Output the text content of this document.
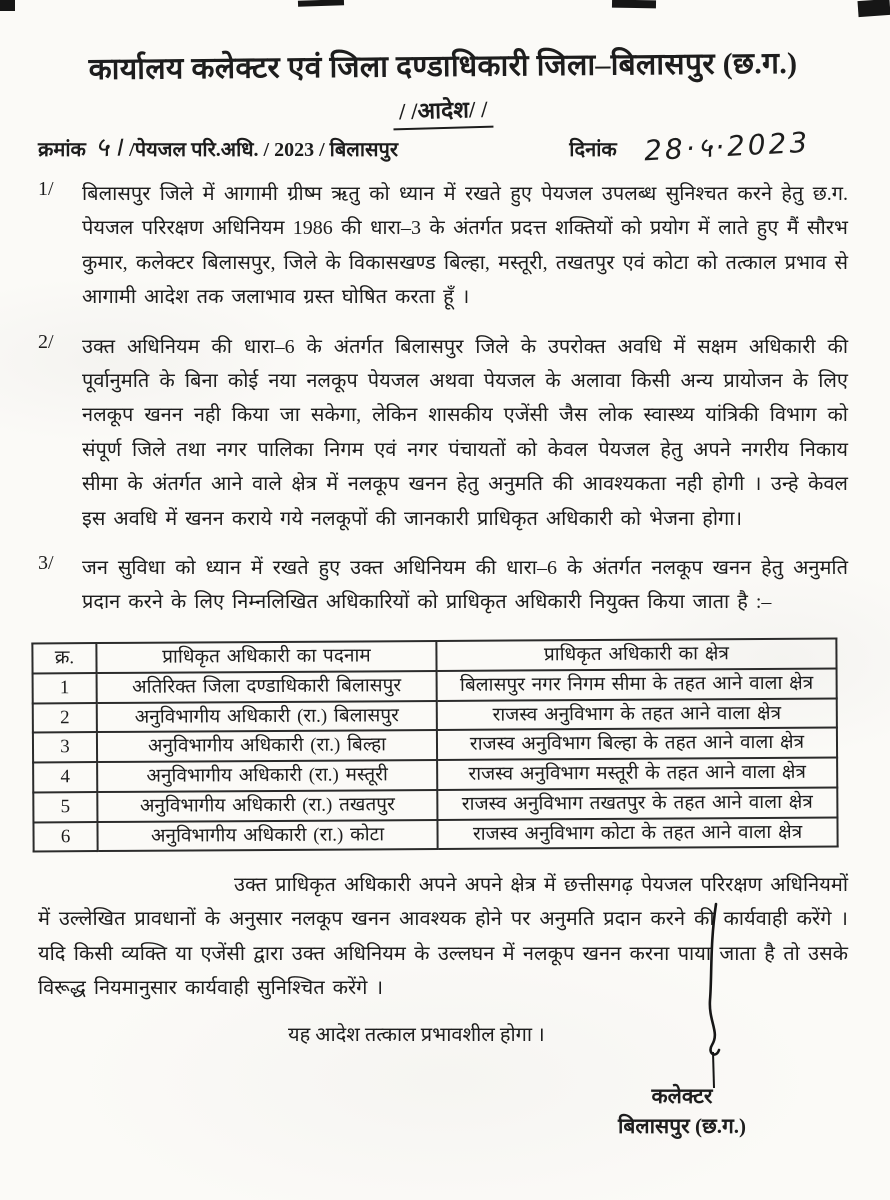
कार्यालय कलेक्टर एवं जिला दण्डाधिकारी जिला–बिलासपुर (छ.ग.)
/ /आदेश/ /
क्रमांक ५। /पेयजल परि.अधि. / 2023 / बिलासपुर	दिनांक 28·५·2023
1/	बिलासपुर जिले में आगामी ग्रीष्म ऋतु को ध्यान में रखते हुए पेयजल उपलब्ध सुनिश्चत करने हेतु छ.ग. पेयजल परिरक्षण अधिनियम 1986 की धारा–3 के अंतर्गत प्रदत्त शक्तियों को प्रयोग में लाते हुए मैं सौरभ कुमार, कलेक्टर बिलासपुर, जिले के विकासखण्ड बिल्हा, मस्तूरी, तखतपुर एवं कोटा को तत्काल प्रभाव से आगामी आदेश तक जलाभाव ग्रस्त घोषित करता हूँ ।
2/	उक्त अधिनियम की धारा–6 के अंतर्गत बिलासपुर जिले के उपरोक्त अवधि में सक्षम अधिकारी की पूर्वानुमति के बिना कोई नया नलकूप पेयजल अथवा पेयजल के अलावा किसी अन्य प्रायोजन के लिए नलकूप खनन नही किया जा सकेगा, लेकिन शासकीय एजेंसी जैस लोक स्वास्थ्य यांत्रिकी विभाग को संपूर्ण जिले तथा नगर पालिका निगम एवं नगर पंचायतों को केवल पेयजल हेतु अपने नगरीय निकाय सीमा के अंतर्गत आने वाले क्षेत्र में नलकूप खनन हेतु अनुमति की आवश्यकता नही होगी । उन्हे केवल इस अवधि में खनन कराये गये नलकूपों की जानकारी प्राधिकृत अधिकारी को भेजना होगा।
3/	जन सुविधा को ध्यान में रखते हुए उक्त अधिनियम की धारा–6 के अंतर्गत नलकूप खनन हेतु अनुमति प्रदान करने के लिए निम्नलिखित अधिकारियों को प्राधिकृत अधिकारी नियुक्त किया जाता है :–
क्र.	प्राधिकृत अधिकारी का पदनाम	प्राधिकृत अधिकारी का क्षेत्र
1	अतिरिक्त जिला दण्डाधिकारी बिलासपुर	बिलासपुर नगर निगम सीमा के तहत आने वाला क्षेत्र
2	अनुविभागीय अधिकारी (रा.) बिलासपुर	राजस्व अनुविभाग के तहत आने वाला क्षेत्र
3	अनुविभागीय अधिकारी (रा.) बिल्हा	राजस्व अनुविभाग बिल्हा के तहत आने वाला क्षेत्र
4	अनुविभागीय अधिकारी (रा.) मस्तूरी	राजस्व अनुविभाग मस्तूरी के तहत आने वाला क्षेत्र
5	अनुविभागीय अधिकारी (रा.) तखतपुर	राजस्व अनुविभाग तखतपुर के तहत आने वाला क्षेत्र
6	अनुविभागीय अधिकारी (रा.) कोटा	राजस्व अनुविभाग कोटा के तहत आने वाला क्षेत्र
उक्त प्राधिकृत अधिकारी अपने अपने क्षेत्र में छत्तीसगढ़ पेयजल परिरक्षण अधिनियमों में उल्लेखित प्रावधानों के अनुसार नलकूप खनन आवश्यक होने पर अनुमति प्रदान करने की कार्यवाही करेंगे । यदि किसी व्यक्ति या एजेंसी द्वारा उक्त अधिनियम के उल्लघन में नलकूप खनन करना पाया जाता है तो उसके विरूद्ध नियमानुसार कार्यवाही सुनिश्चित करेंगे ।
यह आदेश तत्काल प्रभावशील होगा ।
कलेक्टर
बिलासपुर (छ.ग.)
